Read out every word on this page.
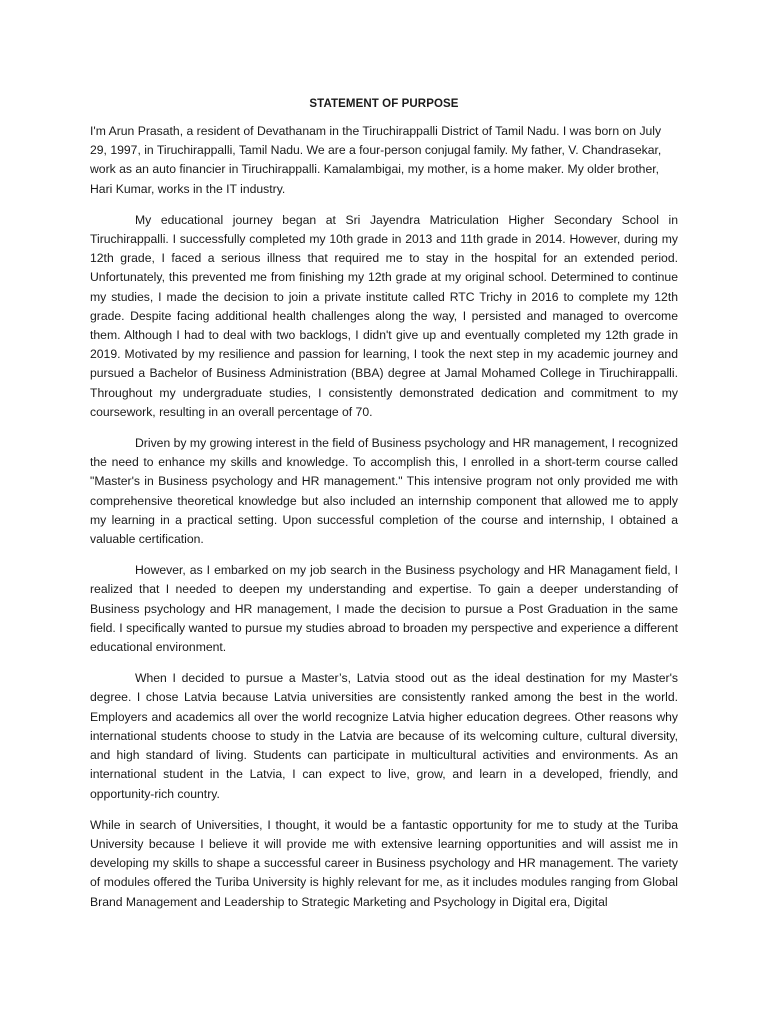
STATEMENT OF PURPOSE

I'm Arun Prasath, a resident of Devathanam in the Tiruchirappalli District of Tamil Nadu. I was born on July 29, 1997, in Tiruchirappalli, Tamil Nadu. We are a four-person conjugal family. My father, V. Chandrasekar, work as an auto financier in Tiruchirappalli. Kamalambigai, my mother, is a home maker. My older brother, Hari Kumar, works in the IT industry.

My educational journey began at Sri Jayendra Matriculation Higher Secondary School in Tiruchirappalli. I successfully completed my 10th grade in 2013 and 11th grade in 2014. However, during my 12th grade, I faced a serious illness that required me to stay in the hospital for an extended period. Unfortunately, this prevented me from finishing my 12th grade at my original school. Determined to continue my studies, I made the decision to join a private institute called RTC Trichy in 2016 to complete my 12th grade. Despite facing additional health challenges along the way, I persisted and managed to overcome them. Although I had to deal with two backlogs, I didn't give up and eventually completed my 12th grade in 2019. Motivated by my resilience and passion for learning, I took the next step in my academic journey and pursued a Bachelor of Business Administration (BBA) degree at Jamal Mohamed College in Tiruchirappalli. Throughout my undergraduate studies, I consistently demonstrated dedication and commitment to my coursework, resulting in an overall percentage of 70.

Driven by my growing interest in the field of Business psychology and HR management, I recognized the need to enhance my skills and knowledge. To accomplish this, I enrolled in a short-term course called "Master's in Business psychology and HR management." This intensive program not only provided me with comprehensive theoretical knowledge but also included an internship component that allowed me to apply my learning in a practical setting. Upon successful completion of the course and internship, I obtained a valuable certification.

However, as I embarked on my job search in the Business psychology and HR Managament field, I realized that I needed to deepen my understanding and expertise. To gain a deeper understanding of Business psychology and HR management, I made the decision to pursue a Post Graduation in the same field. I specifically wanted to pursue my studies abroad to broaden my perspective and experience a different educational environment.

When I decided to pursue a Master’s, Latvia stood out as the ideal destination for my Master's degree. I chose Latvia because Latvia universities are consistently ranked among the best in the world. Employers and academics all over the world recognize Latvia higher education degrees. Other reasons why international students choose to study in the Latvia are because of its welcoming culture, cultural diversity, and high standard of living. Students can participate in multicultural activities and environments. As an international student in the Latvia, I can expect to live, grow, and learn in a developed, friendly, and opportunity-rich country.

While in search of Universities, I thought, it would be a fantastic opportunity for me to study at the Turiba University because I believe it will provide me with extensive learning opportunities and will assist me in developing my skills to shape a successful career in Business psychology and HR management. The variety of modules offered the Turiba University is highly relevant for me, as it includes modules ranging from Global Brand Management and Leadership to Strategic Marketing and Psychology in Digital era, Digital
